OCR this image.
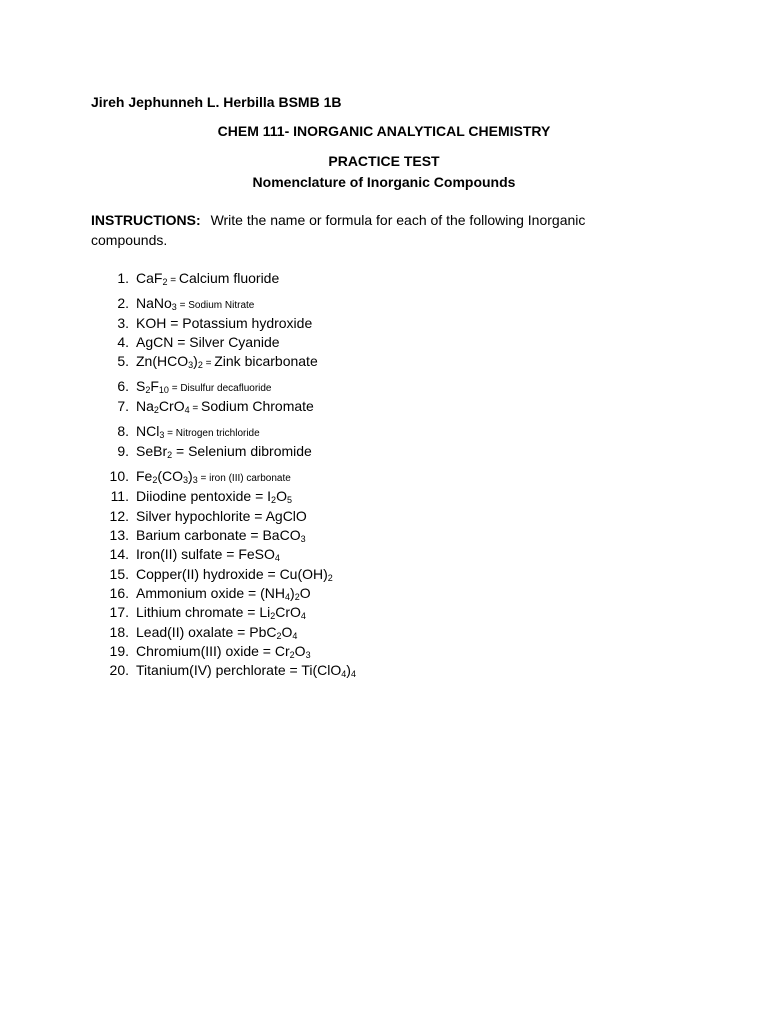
Jireh Jephunneh L. Herbilla BSMB 1B
CHEM 111- INORGANIC ANALYTICAL CHEMISTRY
PRACTICE TEST
Nomenclature of Inorganic Compounds
INSTRUCTIONS: Write the name or formula for each of the following Inorganic compounds.
1. CaF$_2$ = Calcium fluoride
2. NaNo$_3$ = Sodium Nitrate
3. KOH = Potassium hydroxide
4. AgCN = Silver Cyanide
5. $Zn(HCO_3)_2$ = Zink bicarbonate
6. $S_2F_{10}$ = Disulfur decafluoride
7. $Na_2CrO_4$ = Sodium Chromate
8. NCl$_3$ = Nitrogen trichloride
9. SeBr$_2$ = Selenium dibromide
10. $Fe_2(CO_3)_3$ = iron (III) carbonate
11. Diiodine pentoxide = $I_2O_5$
12. Silver hypochlorite = AgClO
13. Barium carbonate = BaCO$_3$
14. Iron(II) sulfate = FeSO$_4$
15. Copper(II) hydroxide = $Cu(OH)_2$
16. Ammonium oxide = $(NH_4)_2O$
17. Lithium chromate = $Li_2CrO_4$
18. Lead(II) oxalate = $PbC_2O_4$
19. Chromium(III) oxide = $Cr_2O_3$
20. Titanium(IV) perchlorate = $Ti(ClO_4)_4$
